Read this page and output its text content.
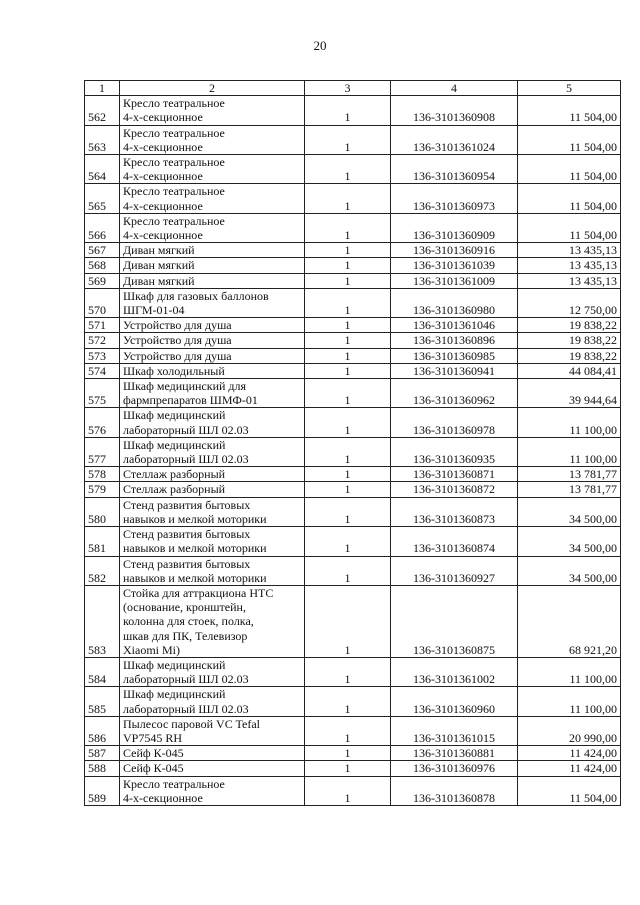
20
1	2	3	4	5
562	Кресло театральное
4-х-секционное	1	136-3101360908	11 504,00
563	Кресло театральное
4-х-секционное	1	136-3101361024	11 504,00
564	Кресло театральное
4-х-секционное	1	136-3101360954	11 504,00
565	Кресло театральное
4-х-секционное	1	136-3101360973	11 504,00
566	Кресло театральное
4-х-секционное	1	136-3101360909	11 504,00
567	Диван мягкий	1	136-3101360916	13 435,13
568	Диван мягкий	1	136-3101361039	13 435,13
569	Диван мягкий	1	136-3101361009	13 435,13
570	Шкаф для газовых баллонов
ШГМ-01-04	1	136-3101360980	12 750,00
571	Устройство для душа	1	136-3101361046	19 838,22
572	Устройство для душа	1	136-3101360896	19 838,22
573	Устройство для душа	1	136-3101360985	19 838,22
574	Шкаф холодильный	1	136-3101360941	44 084,41
575	Шкаф медицинский для
фармпрепаратов ШМФ-01	1	136-3101360962	39 944,64
576	Шкаф медицинский
лабораторный ШЛ 02.03	1	136-3101360978	11 100,00
577	Шкаф медицинский
лабораторный ШЛ 02.03	1	136-3101360935	11 100,00
578	Стеллаж разборный	1	136-3101360871	13 781,77
579	Стеллаж разборный	1	136-3101360872	13 781,77
580	Стенд развития бытовых
навыков и мелкой моторики	1	136-3101360873	34 500,00
581	Стенд развития бытовых
навыков и мелкой моторики	1	136-3101360874	34 500,00
582	Стенд развития бытовых
навыков и мелкой моторики	1	136-3101360927	34 500,00
583	Стойка для аттракциона НТС
(основание, кронштейн,
колонна для стоек, полка,
шкав для ПК, Телевизор
Xiaomi Mi)	1	136-3101360875	68 921,20
584	Шкаф медицинский
лабораторный ШЛ 02.03	1	136-3101361002	11 100,00
585	Шкаф медицинский
лабораторный ШЛ 02.03	1	136-3101360960	11 100,00
586	Пылесос паровой VC Tefal
VP7545 RH	1	136-3101361015	20 990,00
587	Сейф К-045	1	136-3101360881	11 424,00
588	Сейф К-045	1	136-3101360976	11 424,00
589	Кресло театральное
4-х-секционное	1	136-3101360878	11 504,00
